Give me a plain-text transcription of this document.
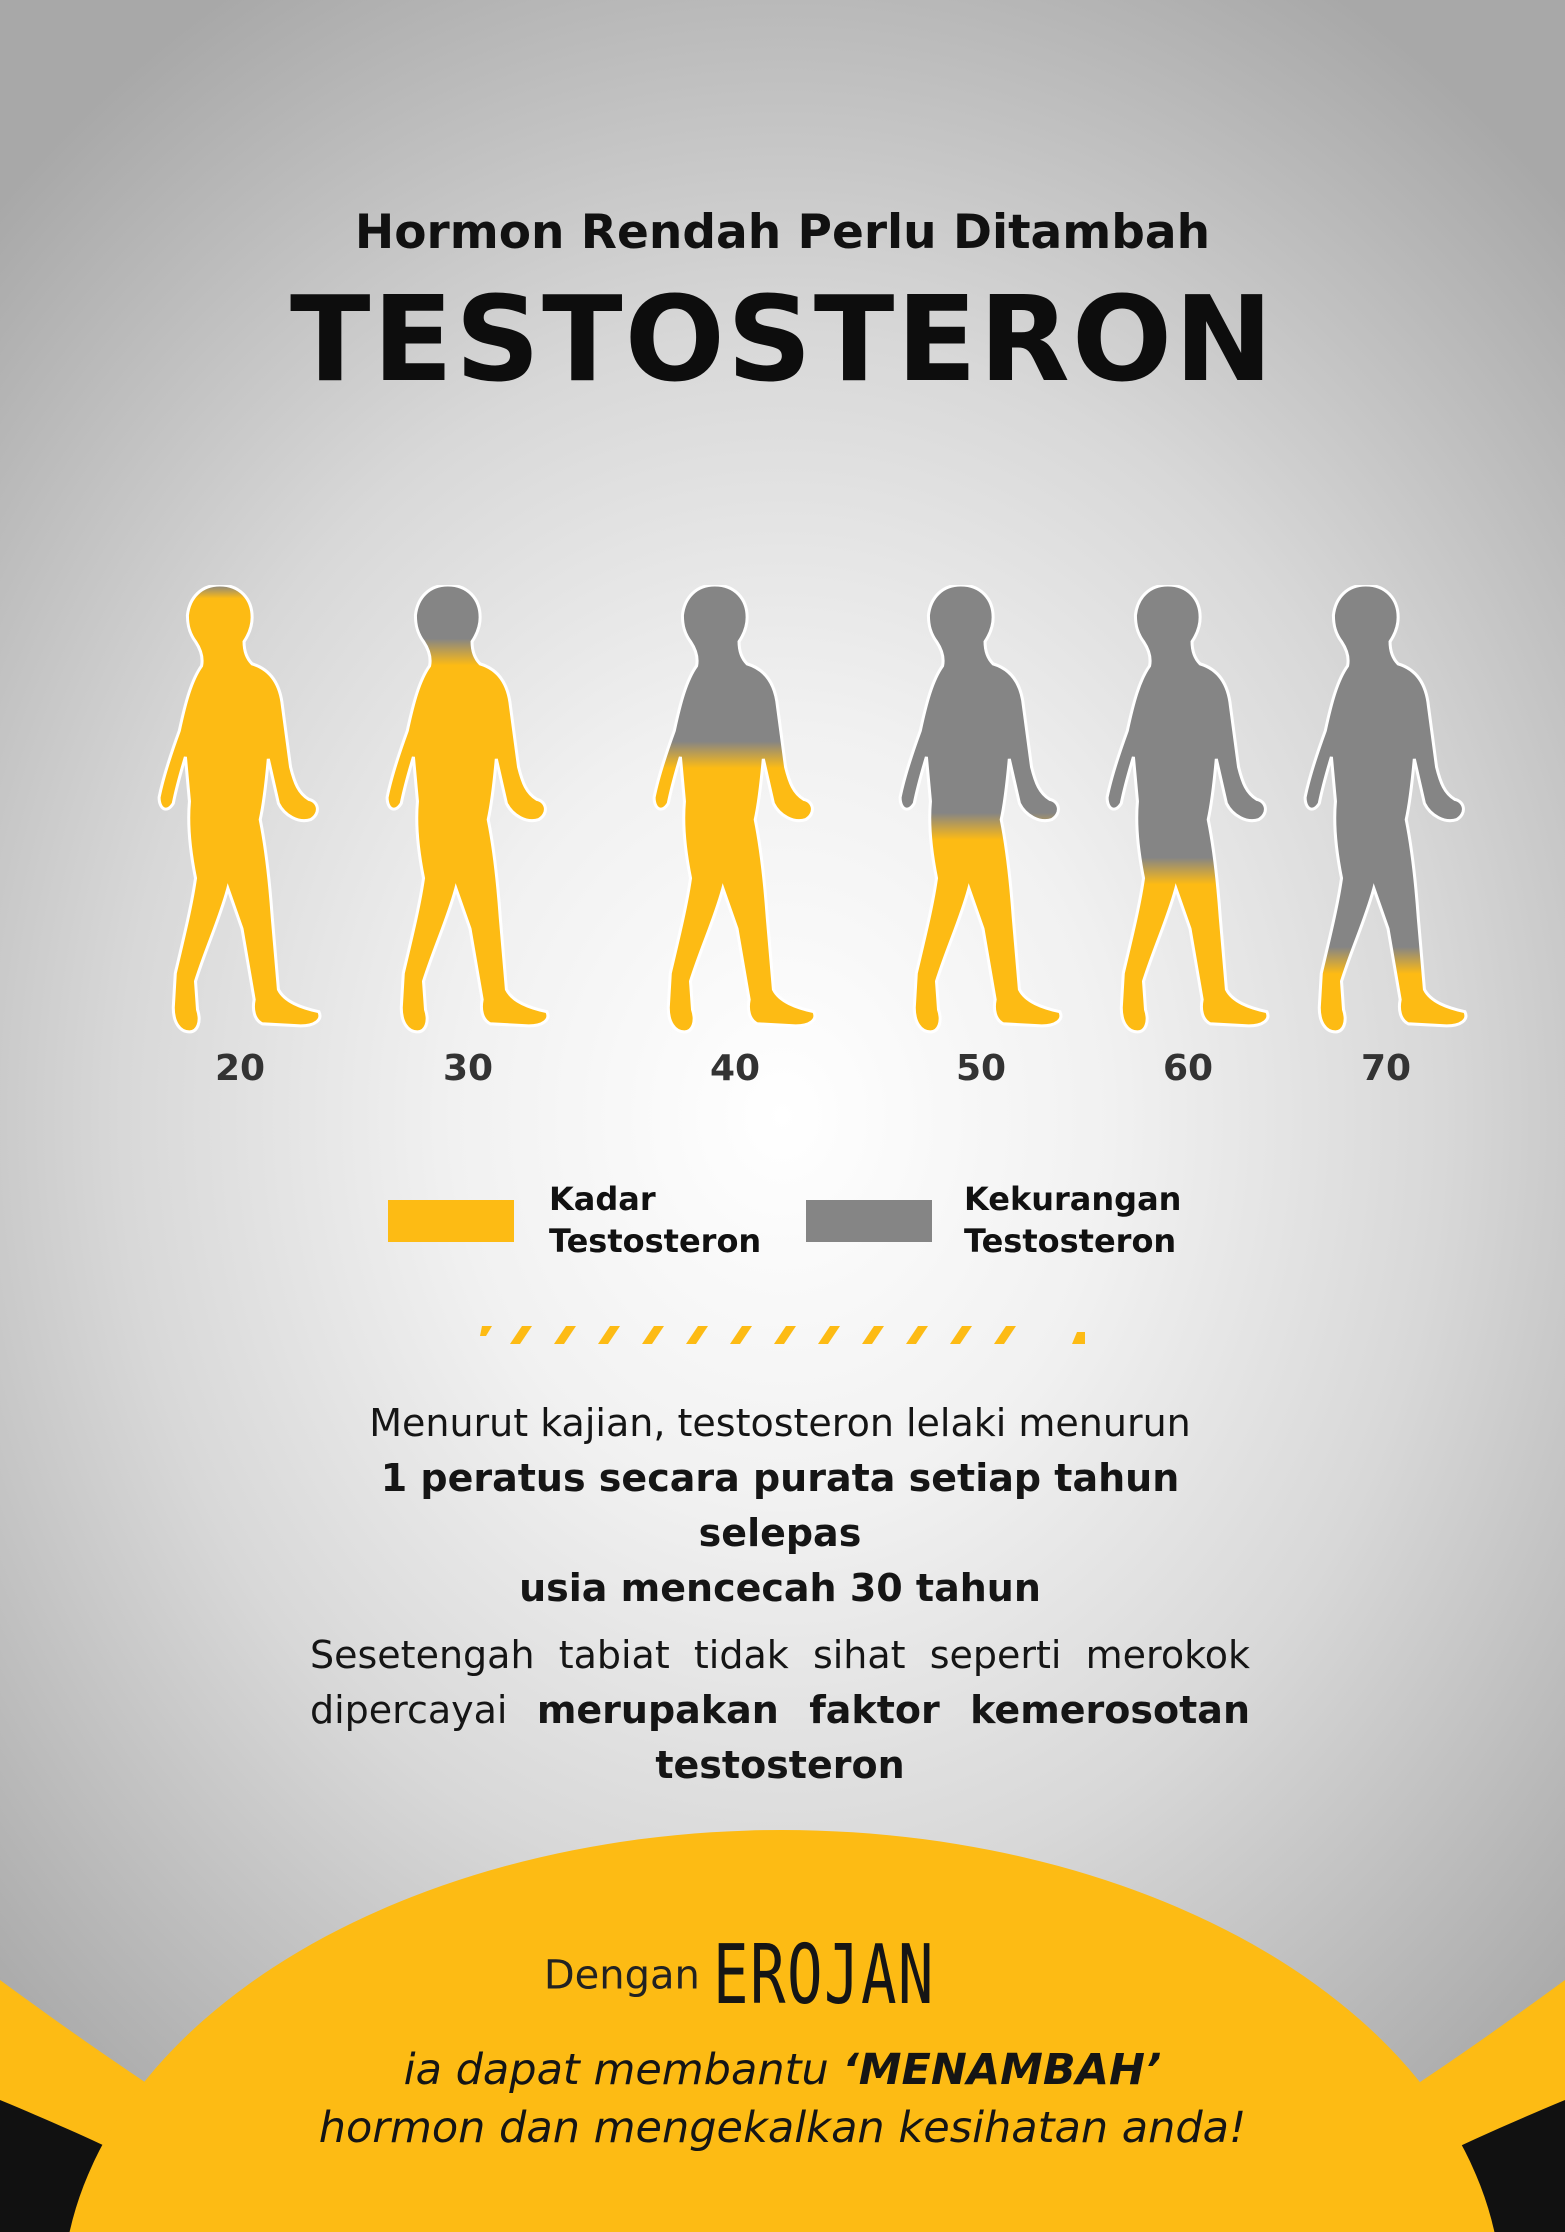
Hormon Rendah Perlu Ditambah
TESTOSTERON
20	30	40	50	60	70
Kadar
Testosteron
Kekurangan
Testosteron
Menurut kajian, testosteron lelaki menurun
1 peratus secara purata setiap tahun selepas
usia mencecah 30 tahun
Sesetengah tabiat tidak sihat seperti merokok dipercayai merupakan faktor kemerosotan testosteron
Dengan EROJAN
ia dapat membantu ‘MENAMBAH’
hormon dan mengekalkan kesihatan anda!
